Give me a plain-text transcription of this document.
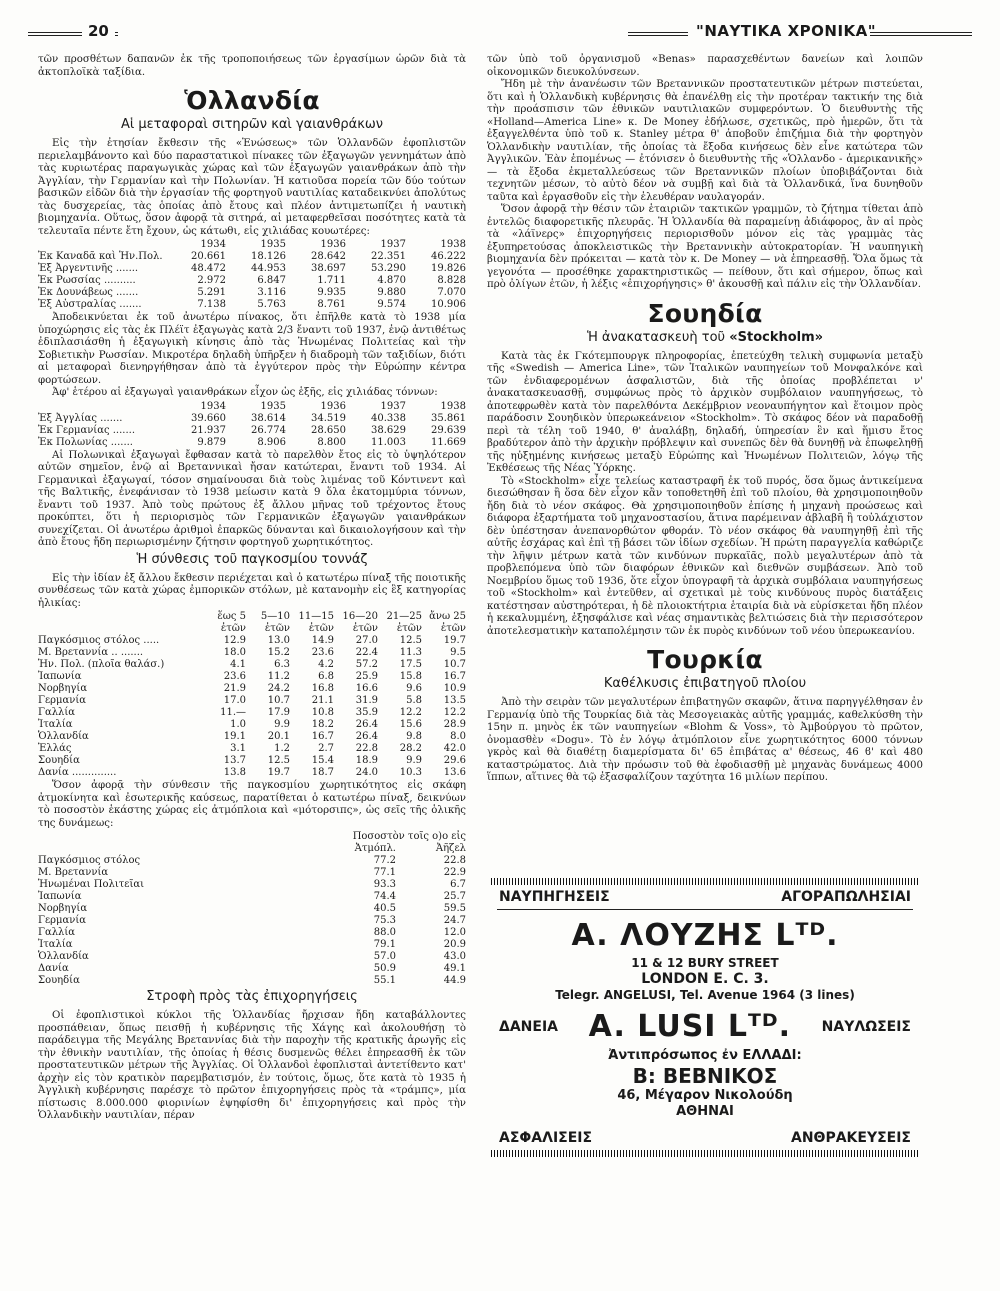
20	"ΝΑΥΤΙΚΑ ΧΡΟΝΙΚΑ"

τῶν προσθέτων δαπανῶν ἐκ τῆς τροποποιήσεως τῶν ἐργασίμων ὡρῶν διὰ τὰ ἀκτοπλοϊκὰ ταξίδια.

Ὁλλανδία
Αἱ μεταφοραὶ σιτηρῶν καὶ γαιανθράκων

Εἰς τὴν ἐτησίαν ἔκθεσιν τῆς «Ἑνώσεως» τῶν Ὁλλανδῶν ἐφοπλιστῶν περιελαμβάνοντο καὶ δύο παραστατικοὶ πίνακες τῶν ἐξαγωγῶν γεννημάτων ἀπὸ τὰς κυριωτέρας παραγωγικὰς χώρας καὶ τῶν ἐξαγωγῶν γαιανθράκων ἀπὸ τὴν Ἀγγλίαν, τὴν Γερμανίαν καὶ τὴν Πολωνίαν. Ἡ κατιοῦσα πορεία τῶν δύο τούτων βασικῶν εἰδῶν διὰ τὴν ἐργασίαν τῆς φορτηγοῦ ναυτιλίας καταδεικνύει ἀπολύτως τὰς δυσχερείας, τὰς ὁποίας ἀπὸ ἔτους καὶ πλέον ἀντιμετωπίζει ἡ ναυτικὴ βιομηχανία. Οὕτως, ὅσον ἀφορᾷ τὰ σιτηρά, αἱ μεταφερθεῖσαι ποσότητες κατὰ τὰ τελευταῖα πέντε ἔτη ἔχουν, ὡς κάτωθι, εἰς χιλιάδας κουωτέρες:

	1934	1935	1936	1937	1938
Ἐκ Καναδᾶ καὶ Ἡν.Πολ.	20.661	18.126	28.642	22.351	46.222
Ἐξ Ἀργεντινῆς .......	48.472	44.953	38.697	53.290	19.826
Ἐκ Ρωσσίας ..........	2.972	6.847	1.711	4.870	8.828
Ἐκ Δουνάβεως .......	5.291	3.116	9.935	9.880	7.070
Ἐξ Αὐστραλίας .......	7.138	5.763	8.761	9.574	10.906

Ἀποδεικνύεται ἐκ τοῦ ἀνωτέρω πίνακος, ὅτι ἐπῆλθε κατὰ τὸ 1938 μία ὑποχώρησις εἰς τὰς ἐκ Πλέϊτ ἐξαγωγὰς κατὰ 2/3 ἔναντι τοῦ 1937, ἐνῷ ἀντιθέτως ἐδιπλασιάσθη ἡ ἐξαγωγικὴ κίνησις ἀπὸ τὰς Ἡνωμένας Πολιτείας καὶ τὴν Σοβιετικὴν Ρωσσίαν. Μικροτέρα δηλαδὴ ὑπῆρξεν ἡ διαδρομὴ τῶν ταξιδίων, διότι αἱ μεταφοραὶ διενηργήθησαν ἀπὸ τὰ ἐγγύτερον πρὸς τὴν Εὐρώπην κέντρα φορτώσεων.

Ἀφ' ἑτέρου αἱ ἐξαγωγαὶ γαιανθράκων εἶχον ὡς ἑξῆς, εἰς χιλιάδας τόννων:

	1934	1935	1936	1937	1938
Ἐξ Ἀγγλίας .......	39.660	38.614	34.519	40.338	35.861
Ἐκ Γερμανίας .......	21.937	26.774	28.650	38.629	29.639
Ἐκ Πολωνίας .......	9.879	8.906	8.800	11.003	11.669

Αἱ Πολωνικαὶ ἐξαγωγαὶ ἔφθασαν κατὰ τὸ παρελθὸν ἔτος εἰς τὸ ὑψηλότερον αὐτῶν σημεῖον, ἐνῷ αἱ Βρεταννικαὶ ἤσαν κατώτεραι, ἔναντι τοῦ 1934. Αἱ Γερμανικαὶ ἐξαγωγαί, τόσον σημαίνουσαι διὰ τοὺς λιμένας τοῦ Κόντινεντ καὶ τῆς Βαλτικῆς, ἐνεφάνισαν τὸ 1938 μείωσιν κατὰ 9 ὅλα ἑκατομμύρια τόννων, ἔναντι τοῦ 1937. Ἀπὸ τοὺς πρώτους ἐξ ἄλλου μῆνας τοῦ τρέχοντος ἔτους προκύπτει, ὅτι ἡ περιορισμὸς τῶν Γερμανικῶν ἐξαγωγῶν γαιανθράκων συνεχίζεται. Οἱ ἀνωτέρω ἀριθμοὶ ἐπαρκῶς δύνανται καὶ δικαιολογήσουν καὶ τὴν ἀπὸ ἔτους ἤδη περιωρισμένην ζήτησιν φορτηγοῦ χωρητικότητος.

Ἡ σύνθεσις τοῦ παγκοσμίου τοννάζ

Εἰς τὴν ἰδίαν ἐξ ἄλλου ἔκθεσιν περιέχεται καὶ ὁ κατωτέρω πίναξ τῆς ποιοτικῆς συνθέσεως τῶν κατὰ χώρας ἐμπορικῶν στόλων, μὲ κατανομὴν εἰς ἓξ κατηγορίας ἡλικίας:

	ἕως 5	5—10	11—15	16—20	21—25	ἄνω 25
	ἐτῶν	ἐτῶν	ἐτῶν	ἐτῶν	ἐτῶν	ἐτῶν
Παγκόσμιος στόλος .....	12.9	13.0	14.9	27.0	12.5	19.7
Μ. Βρεταννία .. .......	18.0	15.2	23.6	22.4	11.3	9.5
Ἡν. Πολ. (πλοῖα θαλάσ.)	4.1	6.3	4.2	57.2	17.5	10.7
Ἰαπωνία	23.6	11.2	6.8	25.9	15.8	16.7
Νορβηγία	21.9	24.2	16.8	16.6	9.6	10.9
Γερμανία	17.0	10.7	21.1	31.9	5.8	13.5
Γαλλία	11.—	17.9	10.8	35.9	12.2	12.2
Ἰταλία	1.0	9.9	18.2	26.4	15.6	28.9
Ὁλλανδία	19.1	20.1	16.7	26.4	9.8	8.0
Ἑλλάς	3.1	1.2	2.7	22.8	28.2	42.0
Σουηδία	13.7	12.5	15.4	18.9	9.9	29.6
Δανία ..............	13.8	19.7	18.7	24.0	10.3	13.6

Ὅσον ἀφορᾷ τὴν σύνθεσιν τῆς παγκοσμίου χωρητικότητος εἰς σκάφη ἀτμοκίνητα καὶ ἐσωτερικῆς καύσεως, παρατίθεται ὁ κατωτέρω πίναξ, δεικνύων τὸ ποσοστὸν ἑκάστης χώρας εἰς ἀτμόπλοια καὶ «μότορσιπς», ὡς σεῖς τῆς ὁλικῆς της δυνάμεως:

	Ποσοστὸν τοῖς ο)ο εἰς	
	Ἀτμόπλ.	Ἀῆζελ
Παγκόσμιος στόλος	77.2	22.8
Μ. Βρεταννία	77.1	22.9
Ἡνωμέναι Πολιτεῖαι	93.3	6.7
Ἰαπωνία	74.4	25.7
Νορβηγία	40.5	59.5
Γερμανία	75.3	24.7
Γαλλία	88.0	12.0
Ἰταλία	79.1	20.9
Ὁλλανδία	57.0	43.0
Δανία	50.9	49.1
Σουηδία	55.1	44.9
Στροφὴ πρὸς τὰς ἐπιχορηγήσεις

Οἱ ἐφοπλιστικοὶ κύκλοι τῆς Ὁλλανδίας ἤρχισαν ἤδη καταβάλλοντες προσπάθειαν, ὅπως πεισθῇ ἡ κυβέρνησις τῆς Χάγης καὶ ἀκολουθήσῃ τὸ παράδειγμα τῆς Μεγάλης Βρεταννίας διὰ τὴν παροχὴν τῆς κρατικῆς ἀρωγῆς εἰς τὴν ἐθνικὴν ναυτιλίαν, τῆς ὁποίας ἡ θέσις δυσμενῶς θέλει ἐπηρεασθῆ ἐκ τῶν προστατευτικῶν μέτρων τῆς Ἀγγλίας. Οἱ Ὁλλανδοὶ ἐφοπλισταὶ ἀντετίθεντο κατ' ἀρχὴν εἰς τὸν κρατικὸν παρεμβατισμόν, ἐν τούτοις, ὅμως, ὅτε κατὰ τὸ 1935 ἡ Ἀγγλικὴ κυβέρνησις παρέσχε τὸ πρῶτον ἐπιχορηγήσεις πρὸς τὰ «τράμπς», μία πίστωσις 8.000.000 φιορινίων ἐψηφίσθη δι' ἐπιχορηγήσεις καὶ πρὸς τὴν Ὁλλανδικὴν ναυτιλίαν, πέραν

τῶν ὑπὸ τοῦ ὀργανισμοῦ «Benas» παρασχεθέντων δανείων καὶ λοιπῶν οἰκονομικῶν διευκολύνσεων.

Ἤδη μὲ τὴν ἀνανέωσιν τῶν Βρεταννικῶν προστατευτικῶν μέτρων πιστεύεται, ὅτι καὶ ἡ Ὁλλανδικὴ κυβέρνησις θὰ ἐπανέλθῃ εἰς τὴν προτέραν τακτικήν της διὰ τὴν προάσπισιν τῶν ἐθνικῶν ναυτιλιακῶν συμφερόντων. Ὁ διευθυντὴς τῆς «Holland—America Line» κ. De Money ἐδήλωσε, σχετικῶς, πρὸ ἡμερῶν, ὅτι τὰ ἐξαγγελθέντα ὑπὸ τοῦ κ. Stanley μέτρα θ' ἀποβοῦν ἐπιζήμια διὰ τὴν φορτηγὸν Ὁλλανδικὴν ναυτιλίαν, τῆς ὁποίας τὰ ἔξοδα κινήσεως δὲν εἶνε κατώτερα τῶν Ἀγγλικῶν. Ἐὰν ἐπομένως — ἐτόνισεν ὁ διευθυντὴς τῆς «Ὁλλανδο - ἀμερικανικῆς» — τὰ ἔξοδα ἐκμεταλλεύσεως τῶν Βρεταννικῶν πλοίων ὑποβιβάζονται διὰ τεχνητῶν μέσων, τὸ αὐτὸ δέον νὰ συμβῇ καὶ διὰ τὰ Ὁλλανδικά, ἵνα δυνηθοῦν ταῦτα καὶ ἐργασθοῦν εἰς τὴν ἐλευθέραν ναυλαγοράν.

Ὅσον ἀφορᾷ τὴν θέσιν τῶν ἑταιριῶν τακτικῶν γραμμῶν, τὸ ζήτημα τίθεται ἀπὸ ἐντελῶς διαφορετικῆς πλευρᾶς. Ἡ Ὁλλανδία θὰ παραμείνῃ ἀδιάφορος, ἂν αἱ πρὸς τὰ «λάϊνερς» ἐπιχορηγήσεις περιορισθοῦν μόνον εἰς τὰς γραμμὰς τὰς ἐξυπηρετούσας ἀποκλειστικῶς τὴν Βρεταννικὴν αὐτοκρατορίαν. Ἡ ναυπηγικὴ βιομηχανία δὲν πρόκειται — κατὰ τὸν κ. De Money — νὰ ἐπηρεασθῇ. Ὅλα ὅμως τὰ γεγονότα — προσέθηκε χαρακτηριστικῶς — πείθουν, ὅτι καὶ σήμερον, ὅπως καὶ πρὸ ὀλίγων ἐτῶν, ἡ λέξις «ἐπιχορήγησις» θ' ἀκουσθῇ καὶ πάλιν εἰς τὴν Ὁλλανδίαν.

Σουηδία
Ἡ ἀνακατασκευὴ τοῦ «Stockholm»

Κατὰ τὰς ἐκ Γκότεμπουργκ πληροφορίας, ἐπετεύχθη τελικὴ συμφωνία μεταξὺ τῆς «Swedish — America Line», τῶν Ἰταλικῶν ναυπηγείων τοῦ Μονφαλκόνε καὶ τῶν ἐνδιαφερομένων ἀσφαλιστῶν, διὰ τῆς ὁποίας προβλέπεται ν' ἀνακατασκευασθῇ, συμφώνως πρὸς τὸ ἀρχικὸν συμβόλαιον ναυπηγήσεως, τὸ ἀποτεφρωθὲν κατὰ τὸν παρελθόντα Δεκέμβριον νεοναυπήγητον καὶ ἕτοιμον πρὸς παράδοσιν Σουηδικὸν ὑπερωκεάνειον «Stockholm». Τὸ σκάφος δέον νὰ παραδοθῇ περὶ τὰ τέλη τοῦ 1940, θ' ἀναλάβῃ, δηλαδή, ὑπηρεσίαν ἓν καὶ ἥμισυ ἔτος βραδύτερον ἀπὸ τὴν ἀρχικὴν πρόβλεψιν καὶ συνεπῶς δὲν θὰ δυνηθῇ νὰ ἐπωφεληθῇ τῆς ηὐξημένης κινήσεως μεταξὺ Εὐρώπης καὶ Ἡνωμένων Πολιτειῶν, λόγῳ τῆς Ἐκθέσεως τῆς Νέας Ὑόρκης.

Τὸ «Stockholm» εἶχε τελείως καταστραφῆ ἐκ τοῦ πυρός, ὅσα ὅμως ἀντικείμενα διεσώθησαν ἢ ὅσα δὲν εἶχον κἂν τοποθετηθῆ ἐπὶ τοῦ πλοίου, θὰ χρησιμοποιηθοῦν ἤδη διὰ τὸ νέον σκάφος. Θὰ χρησιμοποιηθοῦν ἐπίσης ἡ μηχανὴ προώσεως καὶ διάφορα ἐξαρτήματα τοῦ μηχανοστασίου, ἅτινα παρέμειναν ἀβλαβῆ ἢ τοὐλάχιστον δὲν ὑπέστησαν ἀνεπανορθώτον φθοράν. Τὸ νέον σκάφος θὰ ναυπηγηθῇ ἐπὶ τῆς αὐτῆς ἐσχάρας καὶ ἐπὶ τῇ βάσει τῶν ἰδίων σχεδίων. Ἡ πρώτη παραγγελία καθώριζε τὴν λῆψιν μέτρων κατὰ τῶν κινδύνων πυρκαϊᾶς, πολὺ μεγαλυτέρων ἀπὸ τὰ προβλεπόμενα ὑπὸ τῶν διαφόρων ἐθνικῶν καὶ διεθνῶν συμβάσεων. Ἀπὸ τοῦ Νοεμβρίου ὅμως τοῦ 1936, ὅτε εἶχον ὑπογραφῆ τὰ ἀρχικὰ συμβόλαια ναυπηγήσεως τοῦ «Stockholm» καὶ ἐντεῦθεν, αἱ σχετικαὶ μὲ τοὺς κινδύνους πυρὸς διατάξεις κατέστησαν αὐστηρότεραι, ἡ δὲ πλοιοκτήτρια ἑταιρία διὰ νὰ εὑρίσκεται ἤδη πλέον ἡ κεκαλυμμένη, ἐξησφάλισε καὶ νέας σημαντικὰς βελτιώσεις διὰ τὴν περισσότερον ἀποτελεσματικὴν καταπολέμησιν τῶν ἐκ πυρὸς κινδύνων τοῦ νέου ὑπερωκεανίου.

Τουρκία
Καθέλκυσις ἐπιβατηγοῦ πλοίου

Ἀπὸ τὴν σειρὰν τῶν μεγαλυτέρων ἐπιβατηγῶν σκαφῶν, ἅτινα παρηγγέλθησαν ἐν Γερμανίᾳ ὑπὸ τῆς Τουρκίας διὰ τὰς Μεσογειακὰς αὐτῆς γραμμάς, καθελκύσθη τὴν 15ην π. μηνὸς ἐκ τῶν ναυπηγείων «Blohm & Voss», τὸ Ἀμβούργου τὸ πρῶτον, ὀνομασθὲν «Dogu». Τὸ ἐν λόγῳ ἀτμόπλοιον εἶνε χωρητικότητος 6000 τόννων γκρὸς καὶ θὰ διαθέτῃ διαμερίσματα δι' 65 ἐπιβάτας α' θέσεως, 46 ϐ' καὶ 480 καταστρώματος. Διὰ τὴν πρόωσιν τοῦ θὰ ἐφοδιασθῇ μὲ μηχανὰς δυνάμεως 4000 ἵππων, αἵτινες θὰ τῷ ἐξασφαλίζουν ταχύτητα 16 μιλίων περίπου.

ΝΑΥΠΗΓΗΣΕΙΣ	ΑΓΟΡΑΠΩΛΗΣΙΑΙ
A. ΛΟΥΖΗΣ Lᵀᴰ.
11 & 12 BURY STREET
LONDON E. C. 3.
Telegr. ANGELUSI, Tel. Avenue 1964 (3 lines)
ΔΑΝΕΙΑ A. LUSI Lᵀᴰ. ΝΑΥΛΩΣΕΙΣ
Ἀντιπρόσωπος ἐν ΕΛΛΑΔΙ:
B: ΒΕΒΝΙΚΟΣ
46, Μέγαρον Νικολούδη
ΑΘΗΝΑΙ
ΑΣΦΑΛΙΣΕΙΣ	ΑΝΘΡΑΚΕΥΣΕΙΣ
